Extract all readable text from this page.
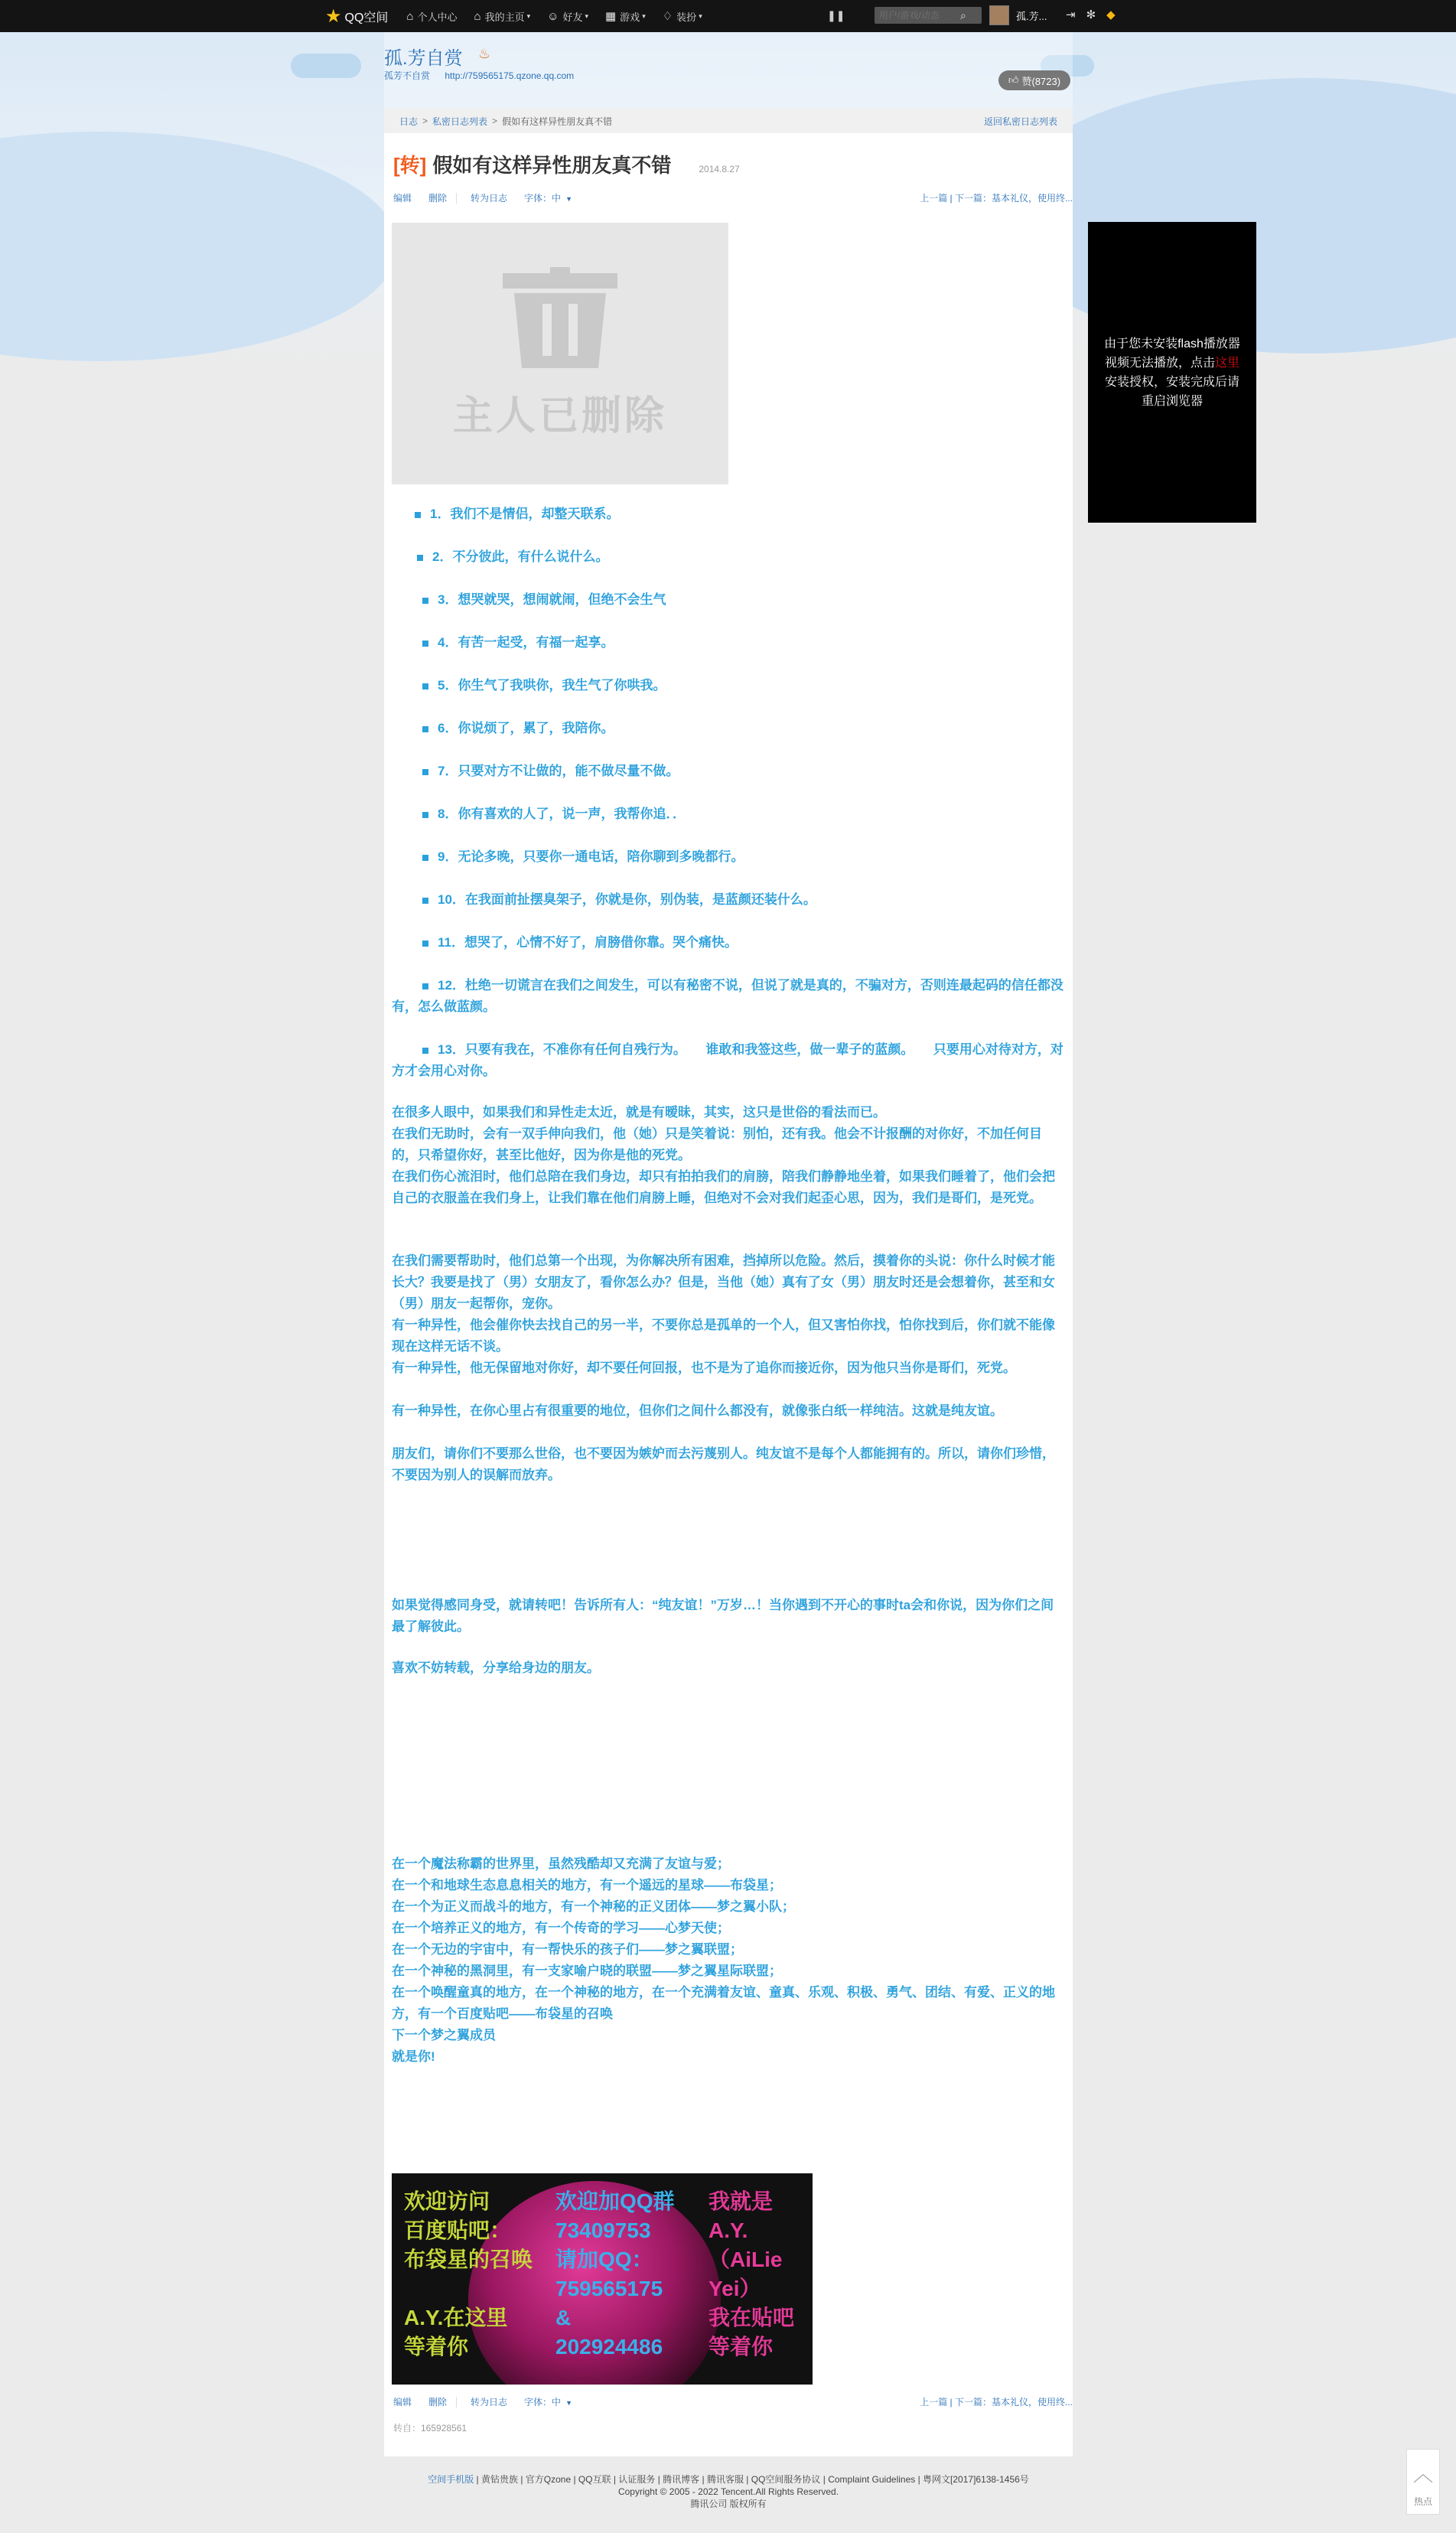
★ QQ空间 ⌂ 个人中心 ⌂ 我的主页 ▾ ☺ 好友 ▾ ▦ 游戏 ▾ ♢ 装扮 ▾	❚❚
用户/游戏/动态	⌕	孤.芳... ⇥ ✻ ◆
孤.芳自赏 ♨
孤芳不自赏 http://759565175.qzone.qq.com	👍︎ 赞(8723)
日志 > 私密日志列表 > 假如有这样异性朋友真不错	返回私密日志列表
[转] 假如有这样异性朋友真不错	2014.8.27
编辑 删除	转为日志 字体：中 ▼	上一篇 | 下一篇：基本礼仪，使用终...
主人已删除
1．我们不是情侣，却整天联系。
2．不分彼此，有什么说什么。
3．想哭就哭，想闹就闹，但绝不会生气
4．有苦一起受，有福一起享。
5．你生气了我哄你，我生气了你哄我。
6．你说烦了，累了，我陪你。
7．只要对方不让做的，能不做尽量不做。
8．你有喜欢的人了，说一声，我帮你追．．
9．无论多晚，只要你一通电话，陪你聊到多晚都行。
10．在我面前扯摆臭架子，你就是你，别伪装，是蓝颜还装什么。
11．想哭了，心情不好了，肩膀借你靠。哭个痛快。
12．杜绝一切谎言在我们之间发生，可以有秘密不说，但说了就是真的，不骗对方，否则连最起码的信任都没有，怎么做蓝颜。
13．只要有我在，不准你有任何自残行为。　　谁敢和我签这些，做一辈子的蓝颜。　　只要用心对待对方，对方才会用心对你。
在很多人眼中，如果我们和异性走太近，就是有暧昧，其实，这只是世俗的看法而已。
在我们无助时，会有一双手伸向我们，他（她）只是笑着说：别怕，还有我。他会不计报酬的对你好，不加任何目的，只希望你好，甚至比他好，因为你是他的死党。
在我们伤心流泪时，他们总陪在我们身边，却只有拍拍我们的肩膀，陪我们静静地坐着，如果我们睡着了，他们会把自己的衣服盖在我们身上，让我们靠在他们肩膀上睡，但绝对不会对我们起歪心思，因为，我们是哥们，是死党。
在我们需要帮助时，他们总第一个出现，为你解决所有困难，挡掉所以危险。然后，摸着你的头说：你什么时候才能长大？我要是找了（男）女朋友了，看你怎么办？但是，当他（她）真有了女（男）朋友时还是会想着你，甚至和女（男）朋友一起帮你，宠你。
有一种异性，他会催你快去找自己的另一半，不要你总是孤单的一个人，但又害怕你找，怕你找到后，你们就不能像现在这样无话不谈。
有一种异性，他无保留地对你好，却不要任何回报，也不是为了追你而接近你，因为他只当你是哥们，死党。
有一种异性，在你心里占有很重要的地位，但你们之间什么都没有，就像张白纸一样纯洁。这就是纯友谊。
朋友们，请你们不要那么世俗，也不要因为嫉妒而去污蔑别人。纯友谊不是每个人都能拥有的。所以，请你们珍惜，不要因为别人的误解而放弃。
如果觉得感同身受，就请转吧！告诉所有人：“纯友谊！”万岁…！当你遇到不开心的事时ta会和你说，因为你们之间最了解彼此。
喜欢不妨转载，分享给身边的朋友。
在一个魔法称霸的世界里，虽然残酷却又充满了友谊与爱；
在一个和地球生态息息相关的地方，有一个遥远的星球——布袋星；
在一个为正义而战斗的地方，有一个神秘的正义团体——梦之翼小队；
在一个培养正义的地方，有一个传奇的学习——心梦天使；
在一个无边的宇宙中，有一帮快乐的孩子们——梦之翼联盟；
在一个神秘的黑洞里，有一支家喻户晓的联盟——梦之翼星际联盟；
在一个唤醒童真的地方，在一个神秘的地方，在一个充满着友谊、童真、乐观、积极、勇气、团结、有爱、正义的地方，有一个百度贴吧——布袋星的召唤
下一个梦之翼成员
就是你!
欢迎访问
百度贴吧：
布袋星的召唤
A.Y.在这里
等着你
欢迎加QQ群
73409753
请加QQ：
759565175
&
202924486
我就是
A.Y.
（AiLie
Yei）
我在贴吧
等着你
编辑 删除	转为日志 字体：中 ▼	上一篇 | 下一篇：基本礼仪，使用终...
转自：165928561
由于您未安装flash播放器视频无法播放，点击这里安装授权，安装完成后请重启浏览器
空间手机版 | 黄钻贵族 | 官方Qzone | QQ互联 | 认证服务 | 腾讯博客 | 腾讯客服 | QQ空间服务协议 | Complaint Guidelines | 粤网文[2017]6138-1456号
Copyright © 2005 - 2022 Tencent.All Rights Reserved.
腾讯公司 版权所有
︿
热点
